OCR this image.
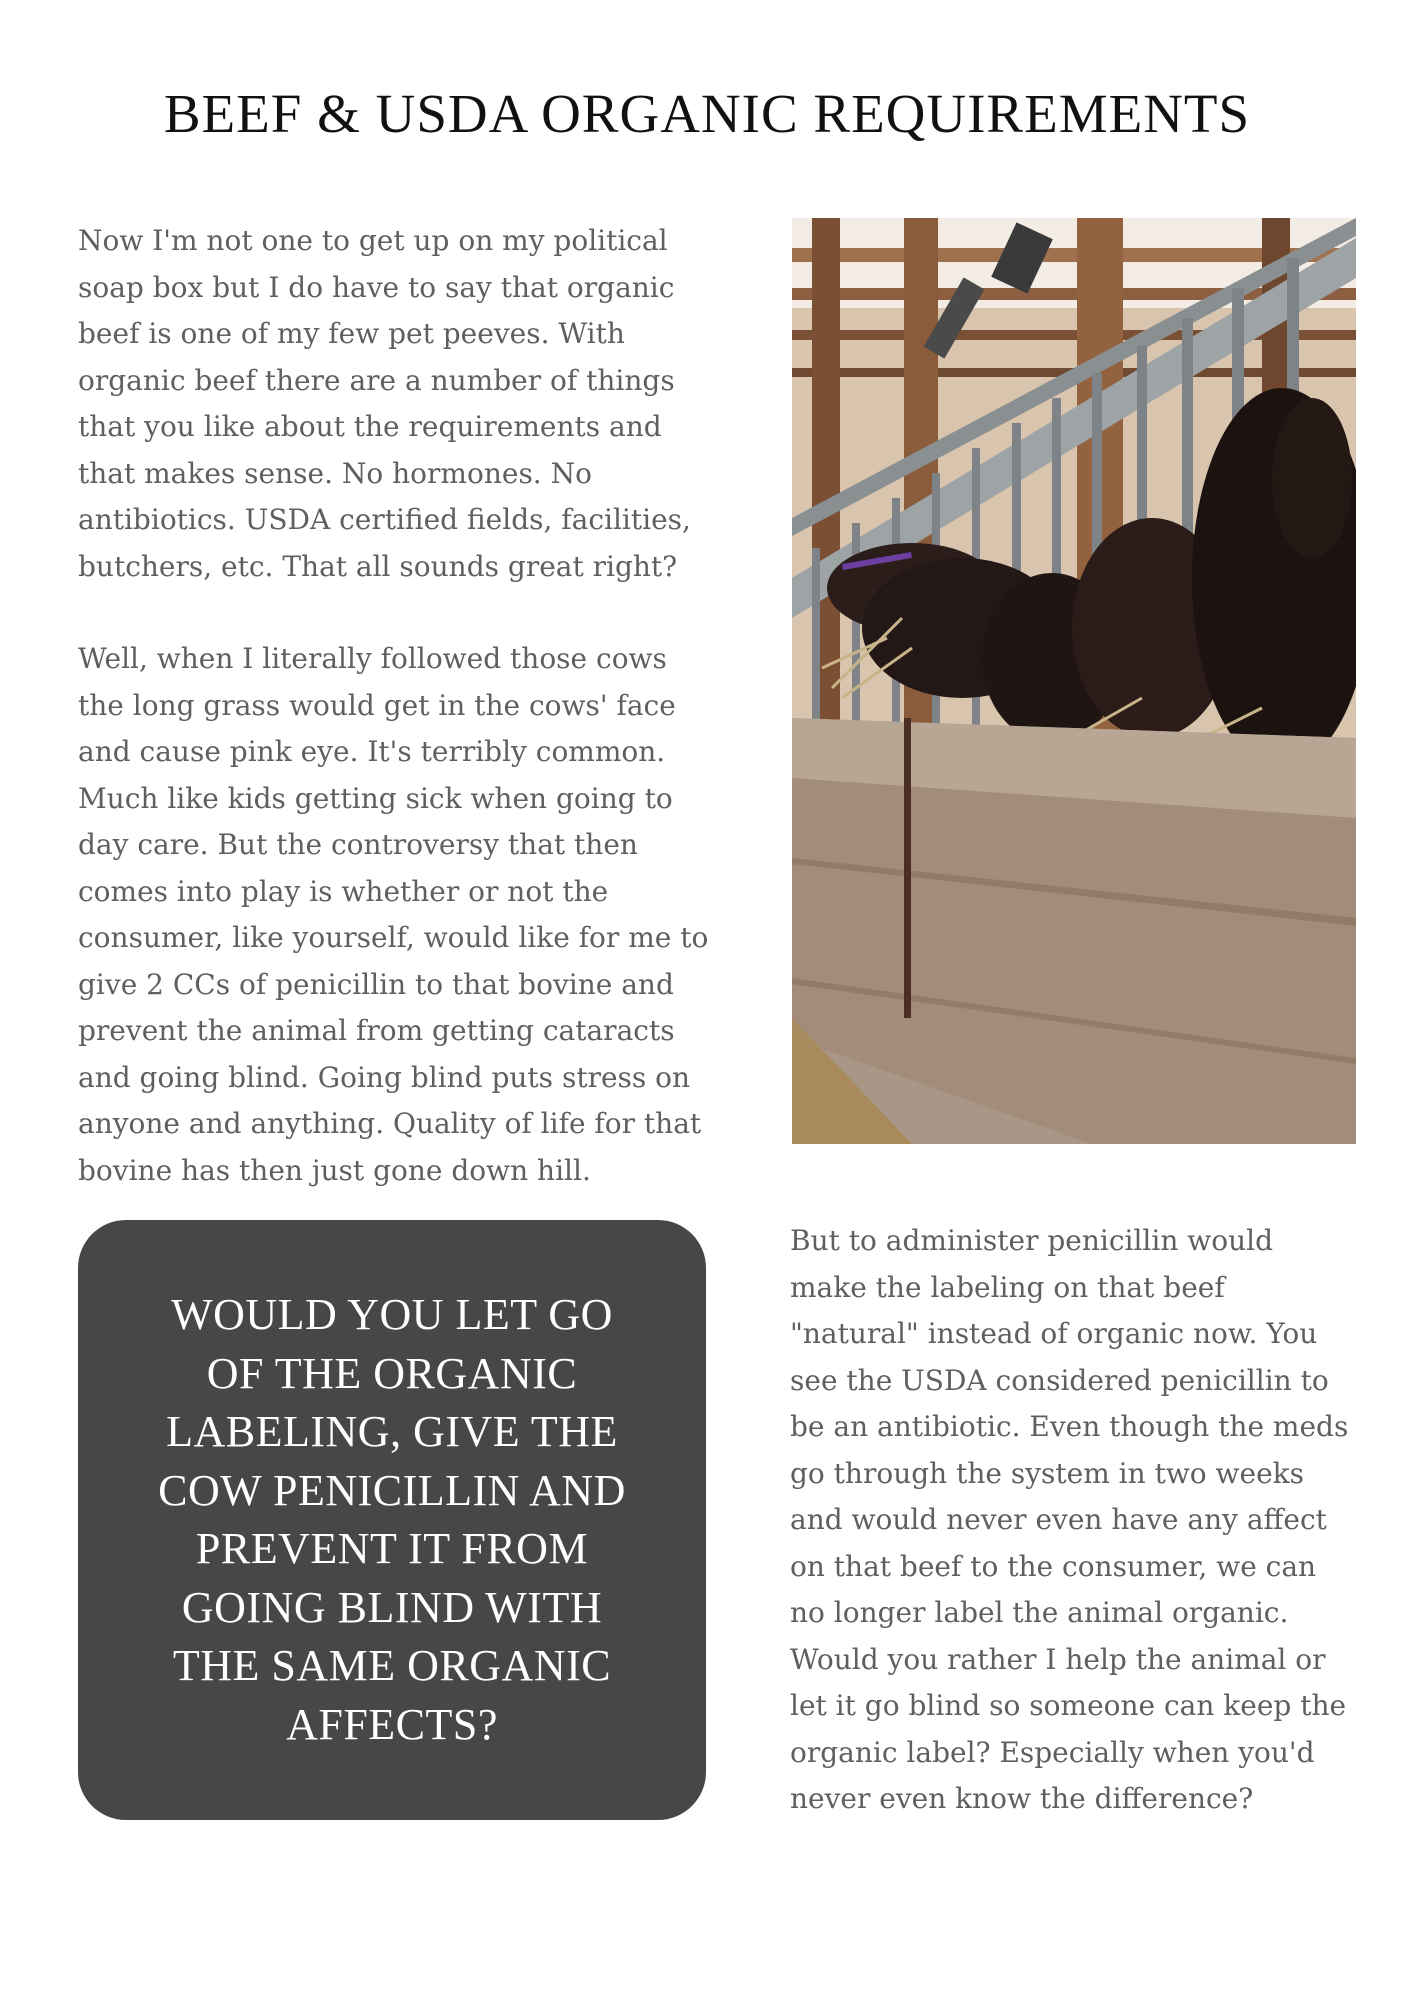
BEEF & USDA ORGANIC REQUIREMENTS

Now I'm not one to get up on my political
soap box but I do have to say that organic
beef is one of my few pet peeves. With
organic beef there are a number of things
that you like about the requirements and
that makes sense. No hormones. No
antibiotics. USDA certified fields, facilities,
butchers, etc. That all sounds great right?

Well, when I literally followed those cows
the long grass would get in the cows' face
and cause pink eye. It's terribly common.
Much like kids getting sick when going to
day care. But the controversy that then
comes into play is whether or not the
consumer, like yourself, would like for me to
give 2 CCs of penicillin to that bovine and
prevent the animal from getting cataracts
and going blind. Going blind puts stress on
anyone and anything. Quality of life for that
bovine has then just gone down hill.

WOULD YOU LET GO
OF THE ORGANIC
LABELING, GIVE THE
COW PENICILLIN AND
PREVENT IT FROM
GOING BLIND WITH
THE SAME ORGANIC
AFFECTS?

But to administer penicillin would
make the labeling on that beef
"natural" instead of organic now. You
see the USDA considered penicillin to
be an antibiotic. Even though the meds
go through the system in two weeks
and would never even have any affect
on that beef to the consumer, we can
no longer label the animal organic.
Would you rather I help the animal or
let it go blind so someone can keep the
organic label? Especially when you'd
never even know the difference?
